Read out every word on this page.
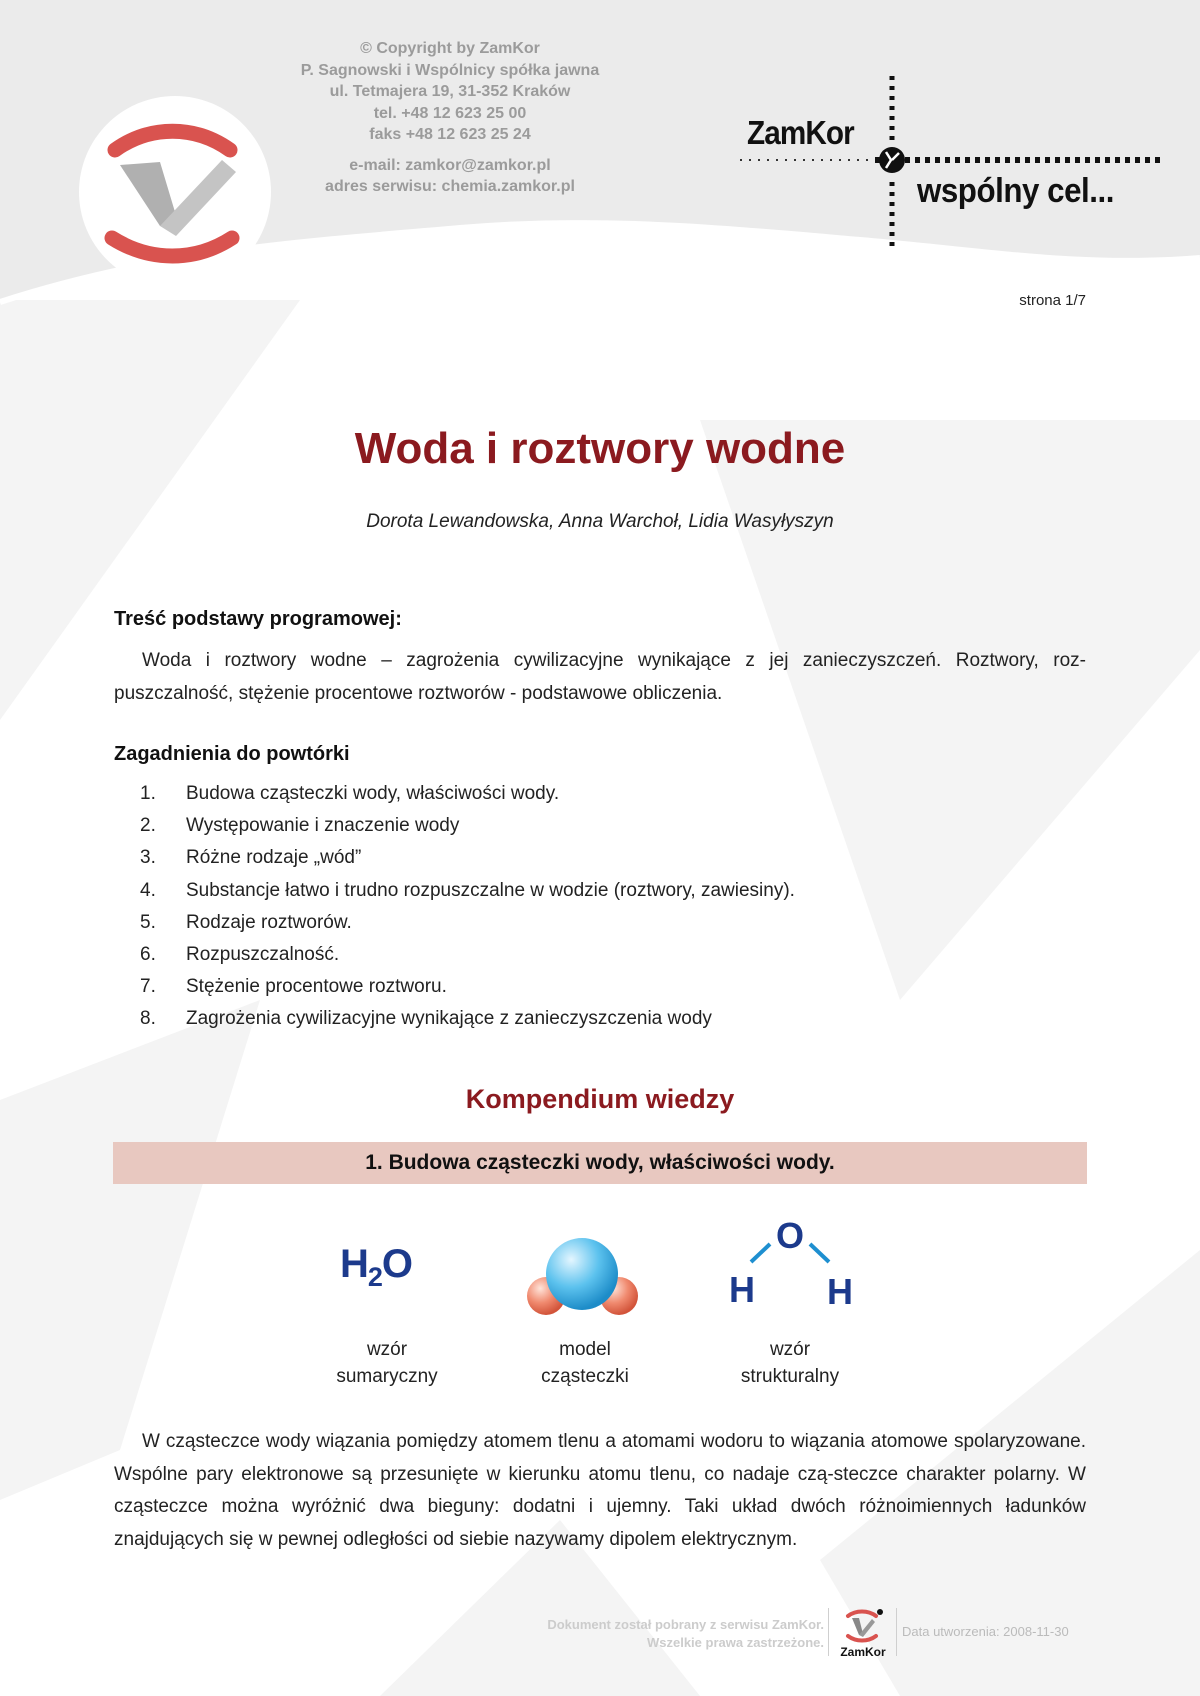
© Copyright by ZamKor
P. Sagnowski i Wspólnicy spółka jawna
ul. Tetmajera 19, 31-352 Kraków
tel. +48 12 623 25 00
faks +48 12 623 25 24
e-mail: zamkor@zamkor.pl
adres serwisu: chemia.zamkor.pl
ZamKor
wspólny cel...
strona 1/7
Woda i roztwory wodne
Dorota Lewandowska, Anna Warchoł, Lidia Wasyłyszyn
Treść podstawy programowej:

Woda i roztwory wodne – zagrożenia cywilizacyjne wynikające z jej zanieczyszczeń. Roztwory, roz-puszczalność, stężenie procentowe roztworów - podstawowe obliczenia.

Zagadnienia do powtórki
1.	Budowa cząsteczki wody, właściwości wody.
2.	Występowanie i znaczenie wody
3.	Różne rodzaje „wód”
4.	Substancje łatwo i trudno rozpuszczalne w wodzie (roztwory, zawiesiny).
5.	Rodzaje roztworów.
6.	Rozpuszczalność.
7.	Stężenie procentowe roztworu.
8.	Zagrożenia cywilizacyjne wynikające z zanieczyszczenia wody
Kompendium wiedzy
1. Budowa cząsteczki wody, właściwości wody.
$H_2O$
O
H H
wzór
sumaryczny
model
cząsteczki
wzór
strukturalny

W cząsteczce wody wiązania pomiędzy atomem tlenu a atomami wodoru to wiązania atomowe spolaryzowane. Wspólne pary elektronowe są przesunięte w kierunku atomu tlenu, co nadaje czą-steczce charakter polarny. W cząsteczce można wyróżnić dwa bieguny: dodatni i ujemny. Taki układ dwóch różnoimiennych ładunków znajdujących się w pewnej odległości od siebie nazywamy dipolem elektrycznym.

Dokument został pobrany z serwisu ZamKor.
Wszelkie prawa zastrzeżone.
ZamKor
Data utworzenia: 2008-11-30
